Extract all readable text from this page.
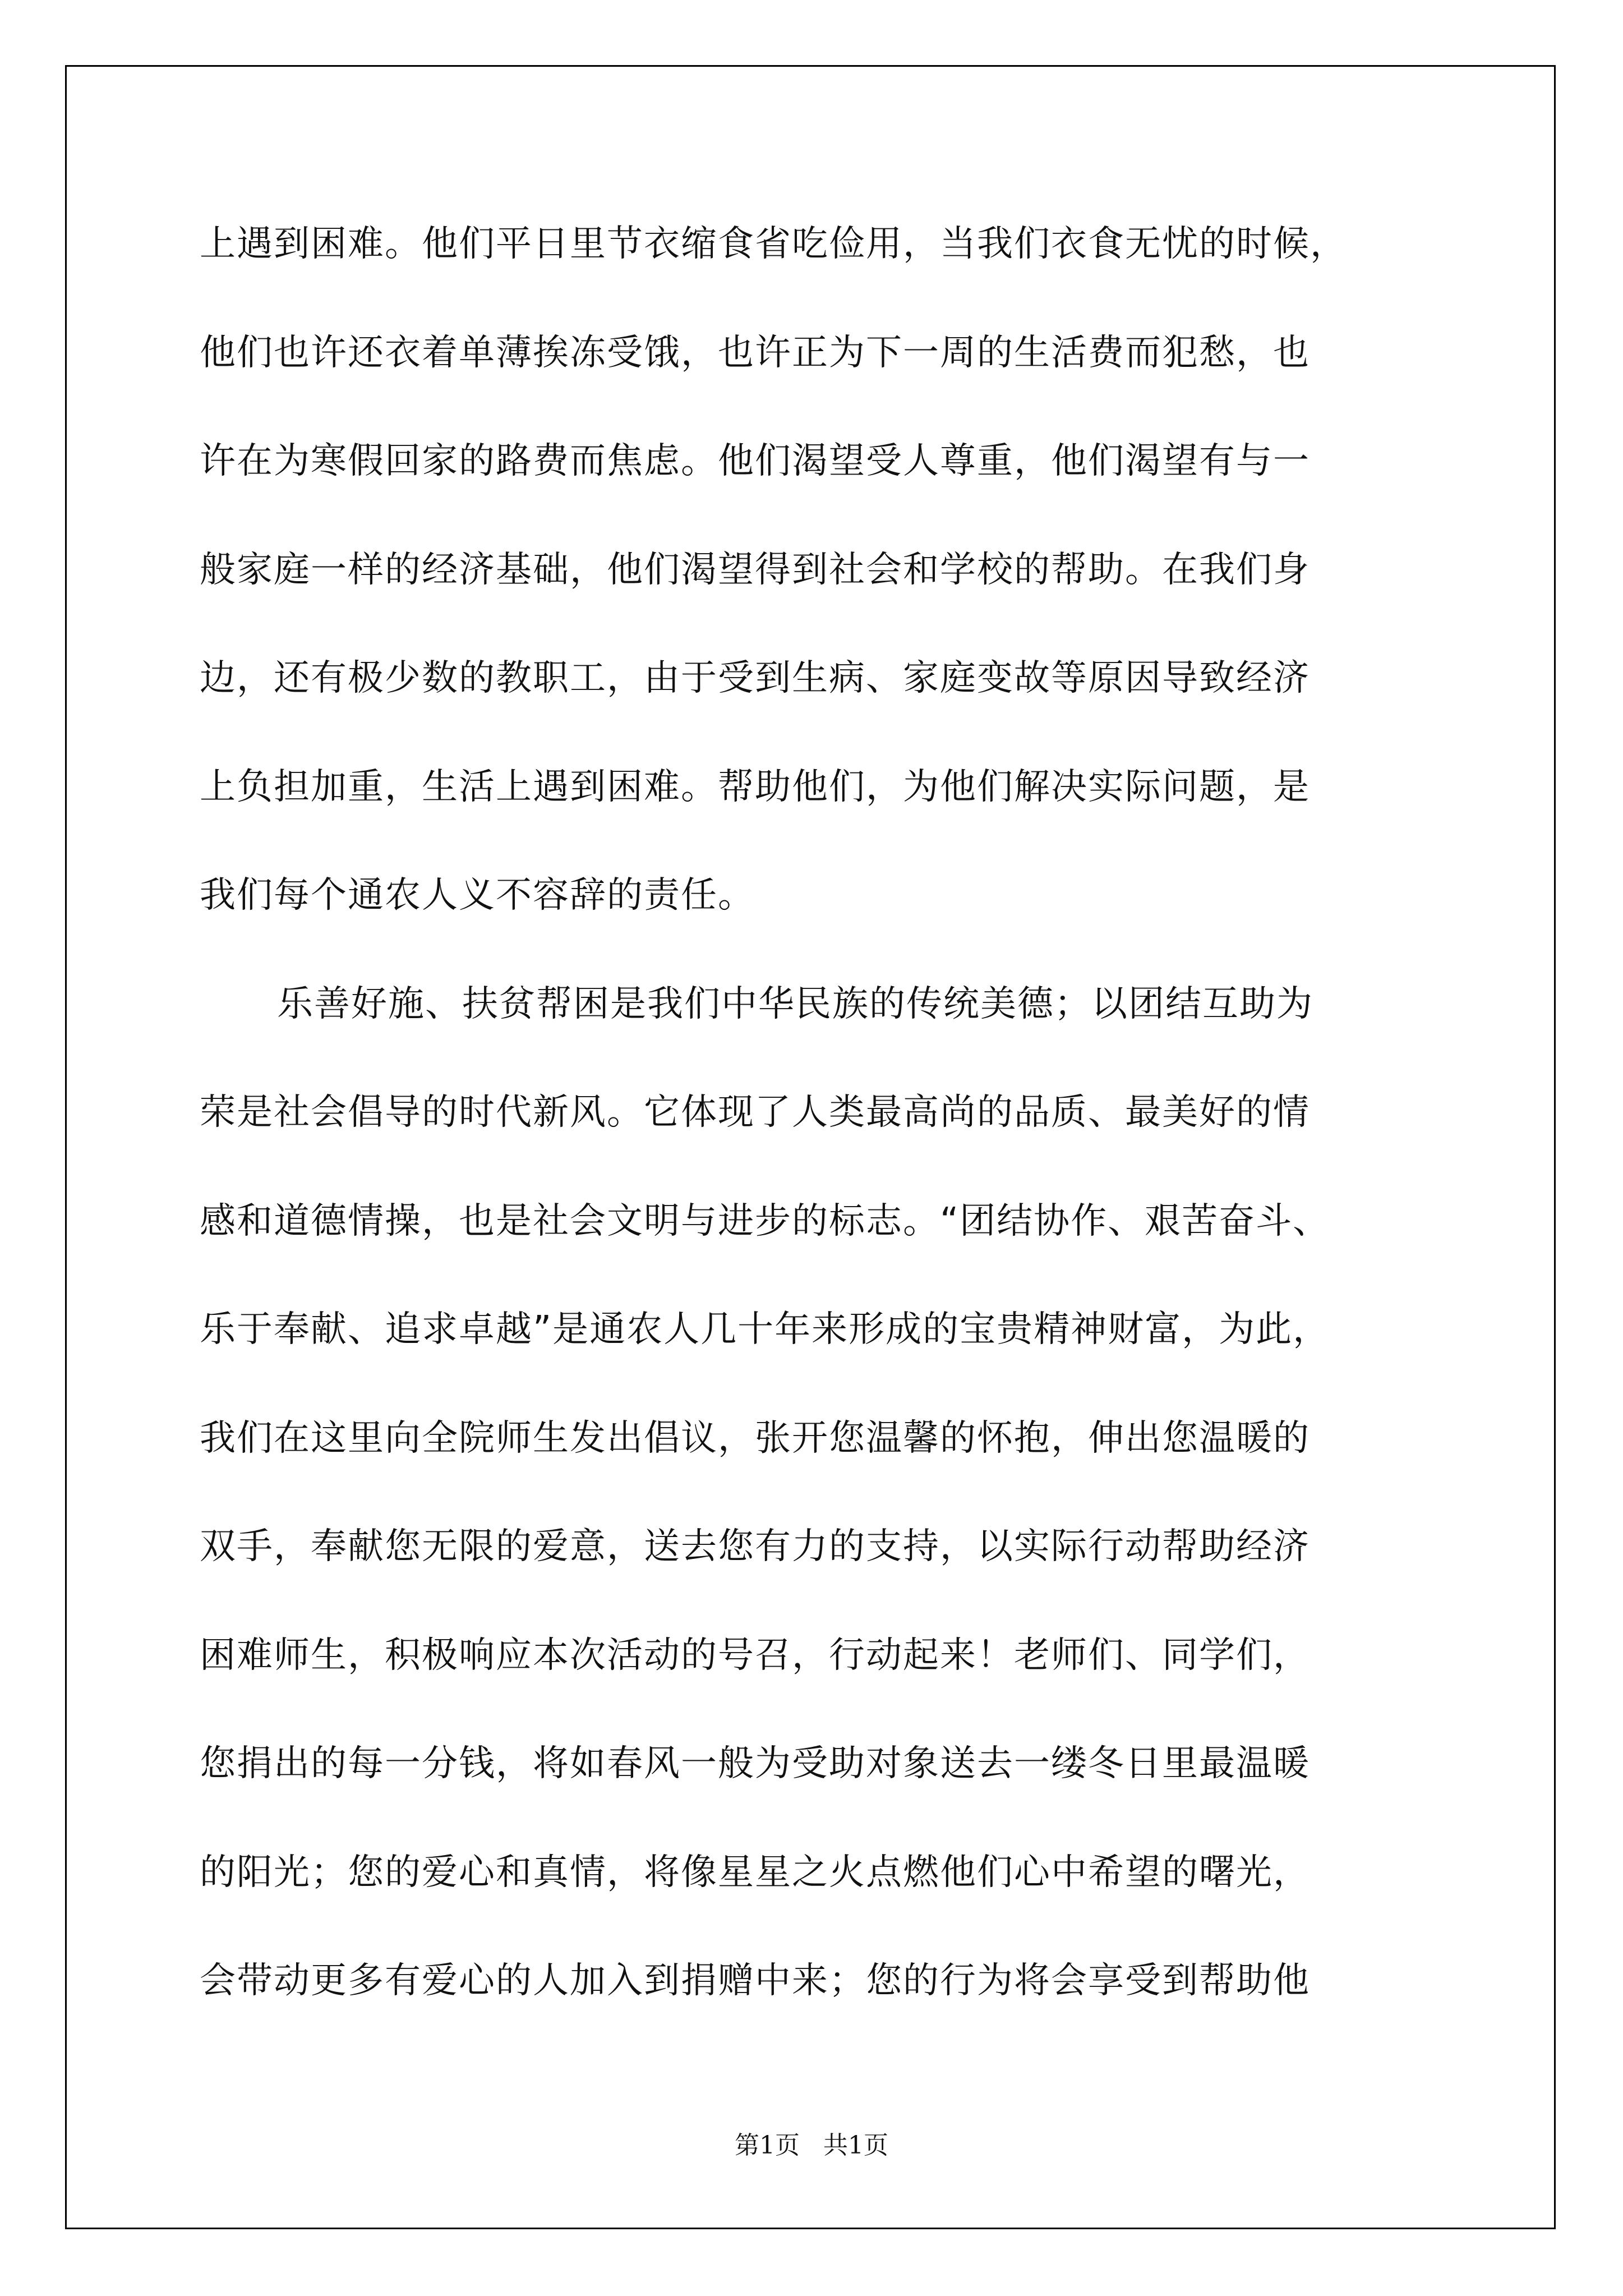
上遇到困难。他们平日里节衣缩食省吃俭用，当我们衣食无忧的时候，
他们也许还衣着单薄挨冻受饿，也许正为下一周的生活费而犯愁，也
许在为寒假回家的路费而焦虑。他们渴望受人尊重，他们渴望有与一
般家庭一样的经济基础，他们渴望得到社会和学校的帮助。在我们身
边，还有极少数的教职工，由于受到生病、家庭变故等原因导致经济
上负担加重，生活上遇到困难。帮助他们，为他们解决实际问题，是
我们每个通农人义不容辞的责任。
乐善好施、扶贫帮困是我们中华民族的传统美德；以团结互助为
荣是社会倡导的时代新风。它体现了人类最高尚的品质、最美好的情
感和道德情操，也是社会文明与进步的标志。“团结协作、艰苦奋斗、
乐于奉献、追求卓越”是通农人几十年来形成的宝贵精神财富，为此，
我们在这里向全院师生发出倡议，张开您温馨的怀抱，伸出您温暖的
双手，奉献您无限的爱意，送去您有力的支持，以实际行动帮助经济
困难师生，积极响应本次活动的号召，行动起来！老师们、同学们，
您捐出的每一分钱，将如春风一般为受助对象送去一缕冬日里最温暖
的阳光；您的爱心和真情，将像星星之火点燃他们心中希望的曙光，
会带动更多有爱心的人加入到捐赠中来；您的行为将会享受到帮助他
第1页   共1页
